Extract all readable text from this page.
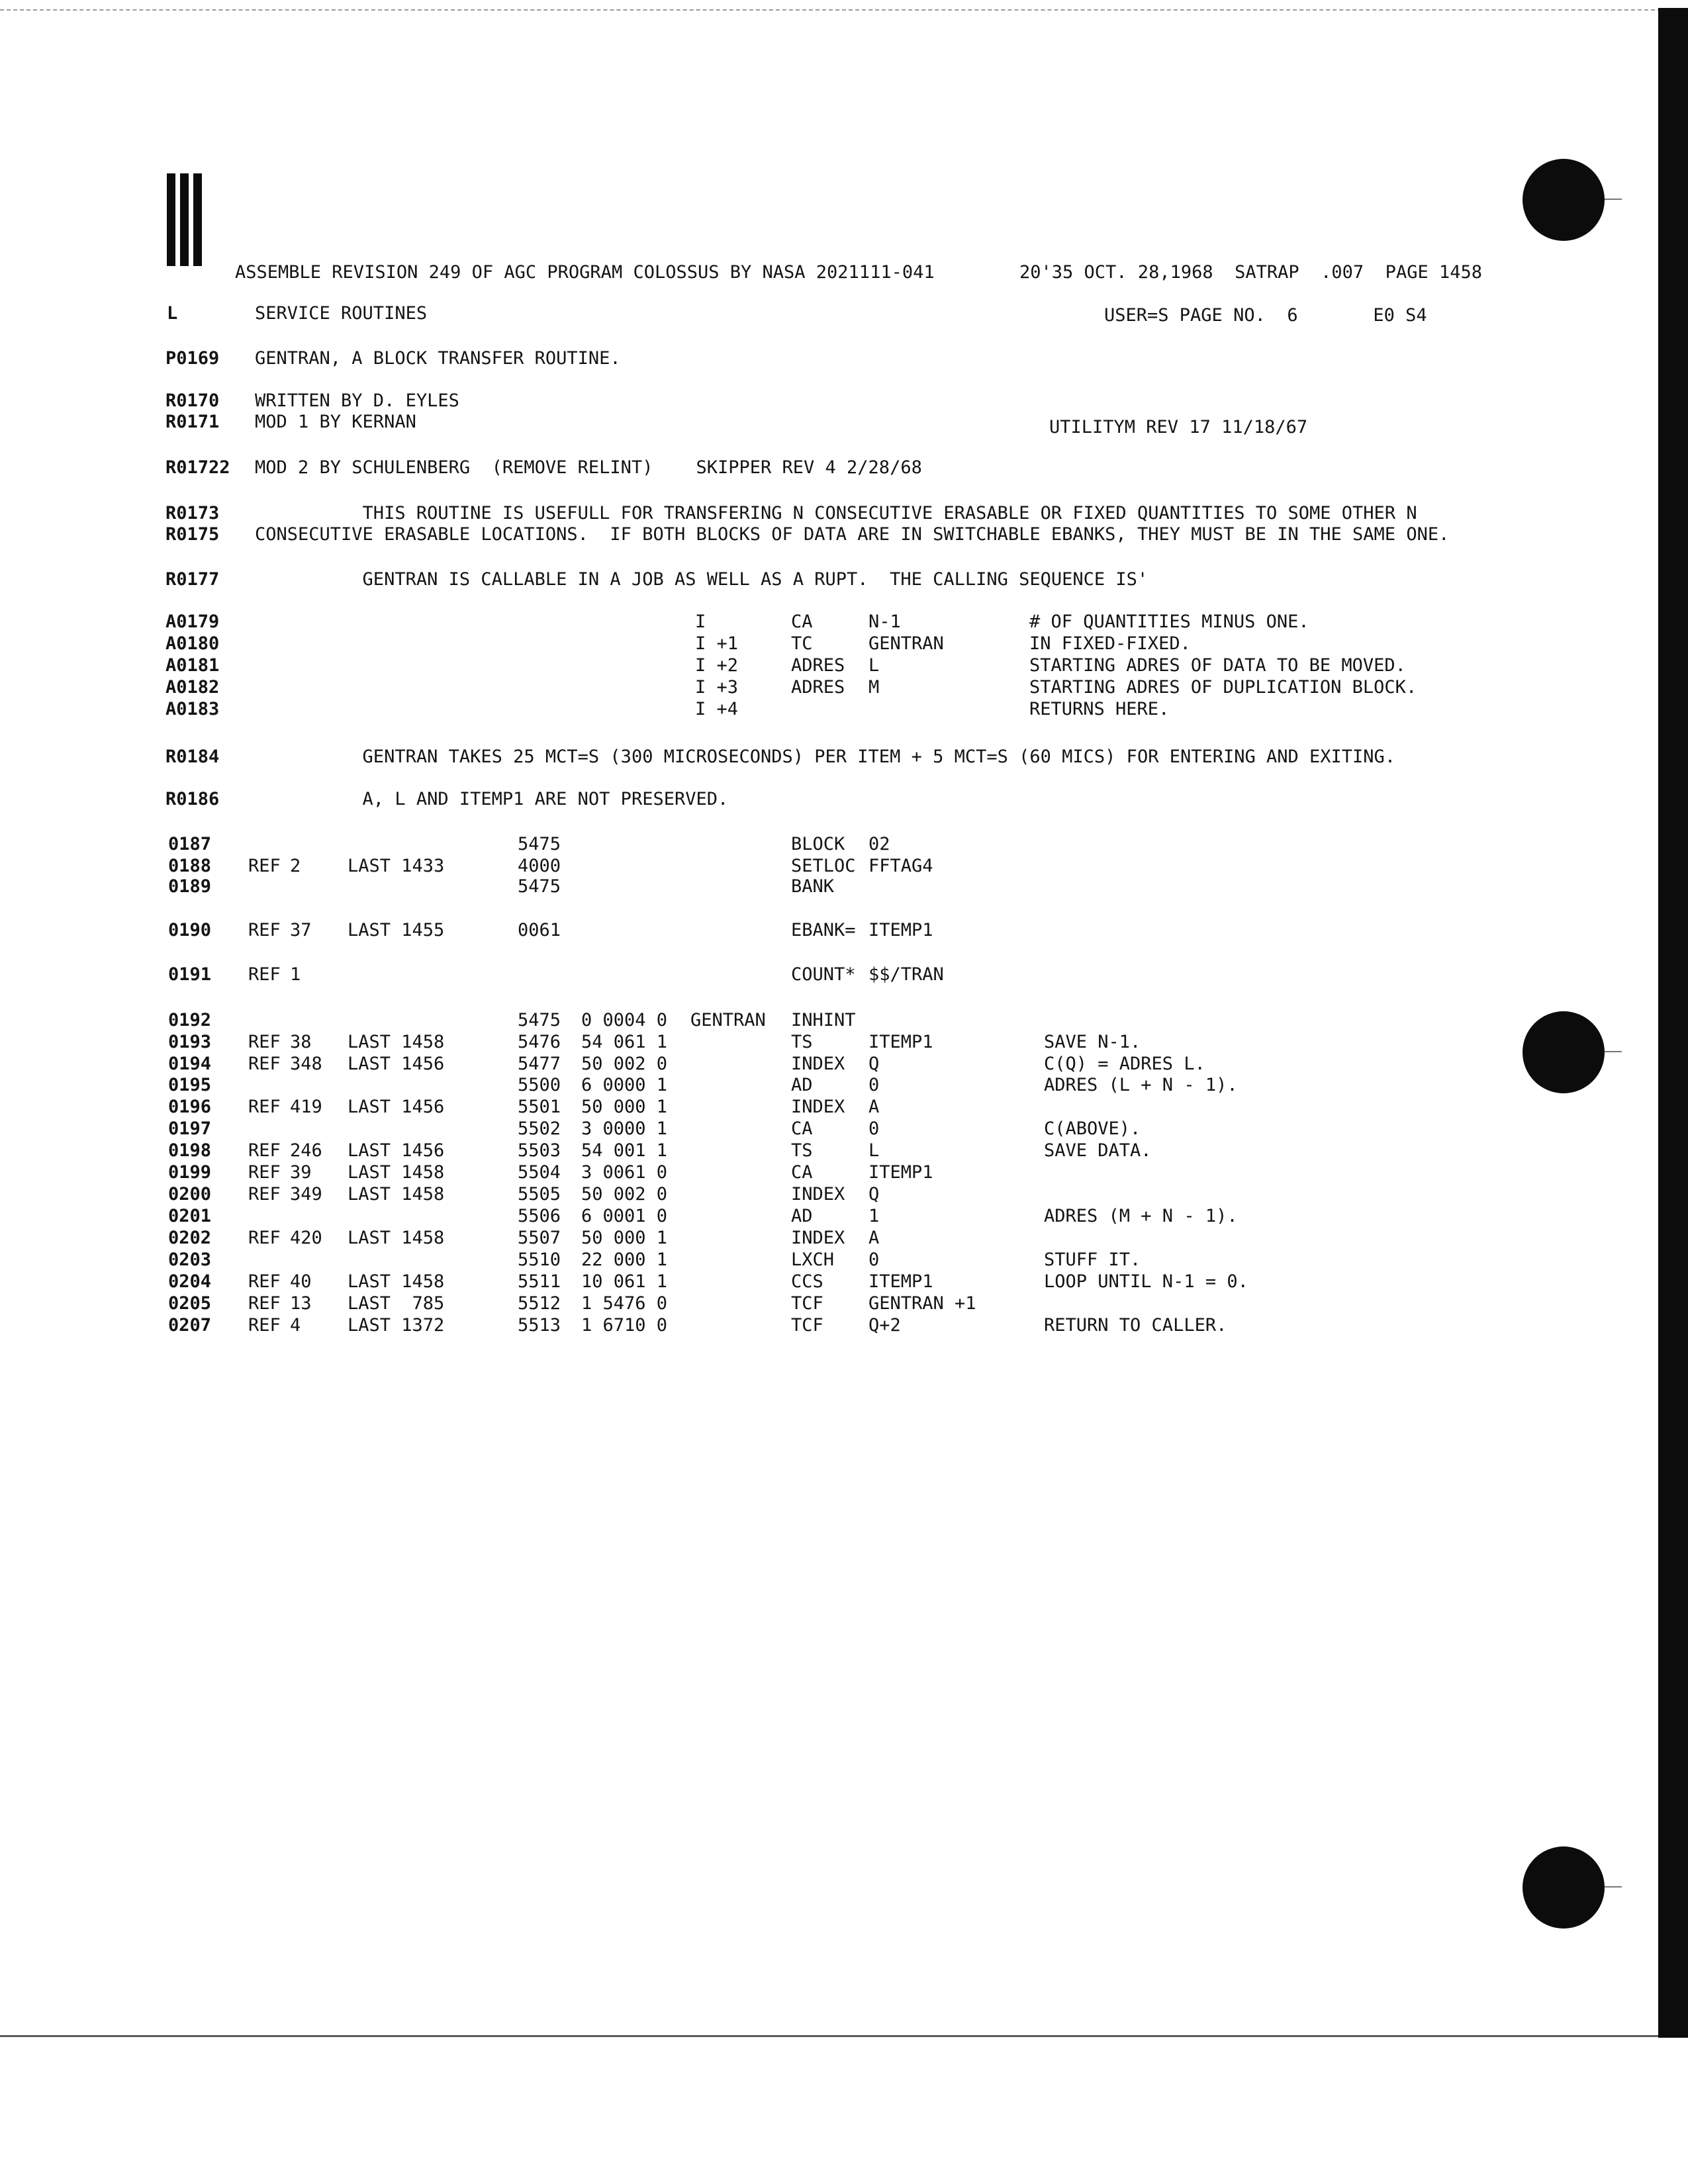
ASSEMBLE REVISION 249 OF AGC PROGRAM COLOSSUS BY NASA 2021111-041	20'35 OCT. 28,1968  SATRAP  .007  PAGE 1458
L	SERVICE ROUTINES	USER=S PAGE NO.  6       E0 S4
P0169 GENTRAN, A BLOCK TRANSFER ROUTINE.
R0170 WRITTEN BY D. EYLES
R0171 MOD 1 BY KERNAN	UTILITYM REV 17 11/18/67
R01722 MOD 2 BY SCHULENBERG  (REMOVE RELINT)    SKIPPER REV 4 2/28/68
R0173 THIS ROUTINE IS USEFULL FOR TRANSFERING N CONSECUTIVE ERASABLE OR FIXED QUANTITIES TO SOME OTHER N
R0175 CONSECUTIVE ERASABLE LOCATIONS.  IF BOTH BLOCKS OF DATA ARE IN SWITCHABLE EBANKS, THEY MUST BE IN THE SAME ONE.
R0177 GENTRAN IS CALLABLE IN A JOB AS WELL AS A RUPT.  THE CALLING SEQUENCE IS'
A0179	I	CA	N-1	# OF QUANTITIES MINUS ONE.
A0180	I +1	TC	GENTRAN	IN FIXED-FIXED.
A0181	I +2	ADRES L	STARTING ADRES OF DATA TO BE MOVED.
A0182	I +3	ADRES M	STARTING ADRES OF DUPLICATION BLOCK.
A0183	I +4	RETURNS HERE.
R0184 GENTRAN TAKES 25 MCT=S (300 MICROSECONDS) PER ITEM + 5 MCT=S (60 MICS) FOR ENTERING AND EXITING.
R0186 A, L AND ITEMP1 ARE NOT PRESERVED.
0187	5475	BLOCK 02
0188 REF 2	LAST 1433	4000	SETLOC FFTAG4
0189	5475	BANK
0190 REF 37 LAST 1455	0061	EBANK= ITEMP1
0191 REF 1	COUNT* $$/TRAN
0192	5475 0 0004 0 GENTRAN INHINT
0193 REF 38 LAST 1458	5476 54 061 1	TS	ITEMP1	SAVE N-1.
0194 REF 348 LAST 1456	5477 50 002 0	INDEX Q	C(Q) = ADRES L.
0195	5500 6 0000 1	AD	0	ADRES (L + N - 1).
0196 REF 419 LAST 1456	5501 50 000 1	INDEX A
0197	5502 3 0000 1	CA	0	C(ABOVE).
0198 REF 246 LAST 1456	5503 54 001 1	TS	L	SAVE DATA.
0199 REF 39 LAST 1458	5504 3 0061 0	CA	ITEMP1
0200 REF 349 LAST 1458	5505 50 002 0	INDEX Q
0201	5506 6 0001 0	AD	1	ADRES (M + N - 1).
0202 REF 420 LAST 1458	5507 50 000 1	INDEX A
0203	5510 22 000 1	LXCH 0	STUFF IT.
0204 REF 40 LAST 1458	5511 10 061 1	CCS	ITEMP1	LOOP UNTIL N-1 = 0.
0205 REF 13 LAST  785	5512 1 5476 0	TCF	GENTRAN +1
0207 REF 4	LAST 1372	5513 1 6710 0	TCF	Q+2	RETURN TO CALLER.
